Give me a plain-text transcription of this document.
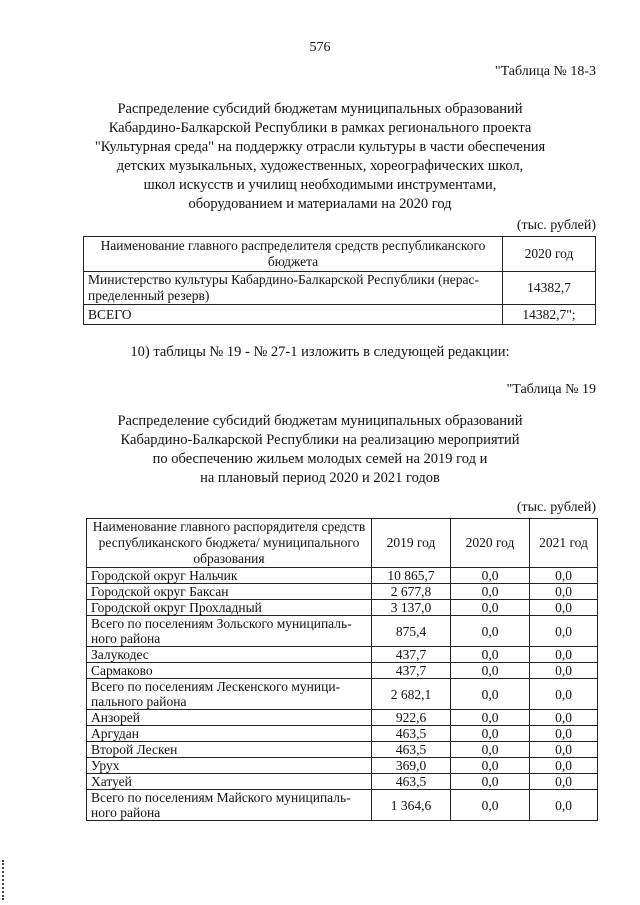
576
"Таблица № 18-3
Распределение субсидий бюджетам муниципальных образований
Кабардино-Балкарской Республики в рамках регионального проекта
"Культурная среда" на поддержку отрасли культуры в части обеспечения
детских музыкальных, художественных, хореографических школ,
школ искусств и училищ необходимыми инструментами,
оборудованием и материалами на 2020 год
(тыс. рублей)
Наименование главного распределителя средств республиканского бюджета	2020 год
Министерство культуры Кабардино-Балкарской Республики (нераспределенный резерв)	14382,7
ВСЕГО	14382,7";
10) таблицы № 19 - № 27-1 изложить в следующей редакции:
"Таблица № 19
Распределение субсидий бюджетам муниципальных образований
Кабардино-Балкарской Республики на реализацию мероприятий
по обеспечению жильем молодых семей на 2019 год и
на плановый период 2020 и 2021 годов
(тыс. рублей)
Наименование главного распорядителя средств республиканского бюджета/ муниципального образования	2019 год	2020 год	2021 год
Городской округ Нальчик	10 865,7	0,0	0,0
Городской округ Баксан	2 677,8	0,0	0,0
Городской округ Прохладный	3 137,0	0,0	0,0
Всего по поселениям Зольского муниципального района	875,4	0,0	0,0
Залукодес	437,7	0,0	0,0
Сармаково	437,7	0,0	0,0
Всего по поселениям Лескенского муниципального района	2 682,1	0,0	0,0
Анзорей	922,6	0,0	0,0
Аргудан	463,5	0,0	0,0
Второй Лескен	463,5	0,0	0,0
Урух	369,0	0,0	0,0
Хатуей	463,5	0,0	0,0
Всего по поселениям Майского муниципального района	1 364,6	0,0	0,0
